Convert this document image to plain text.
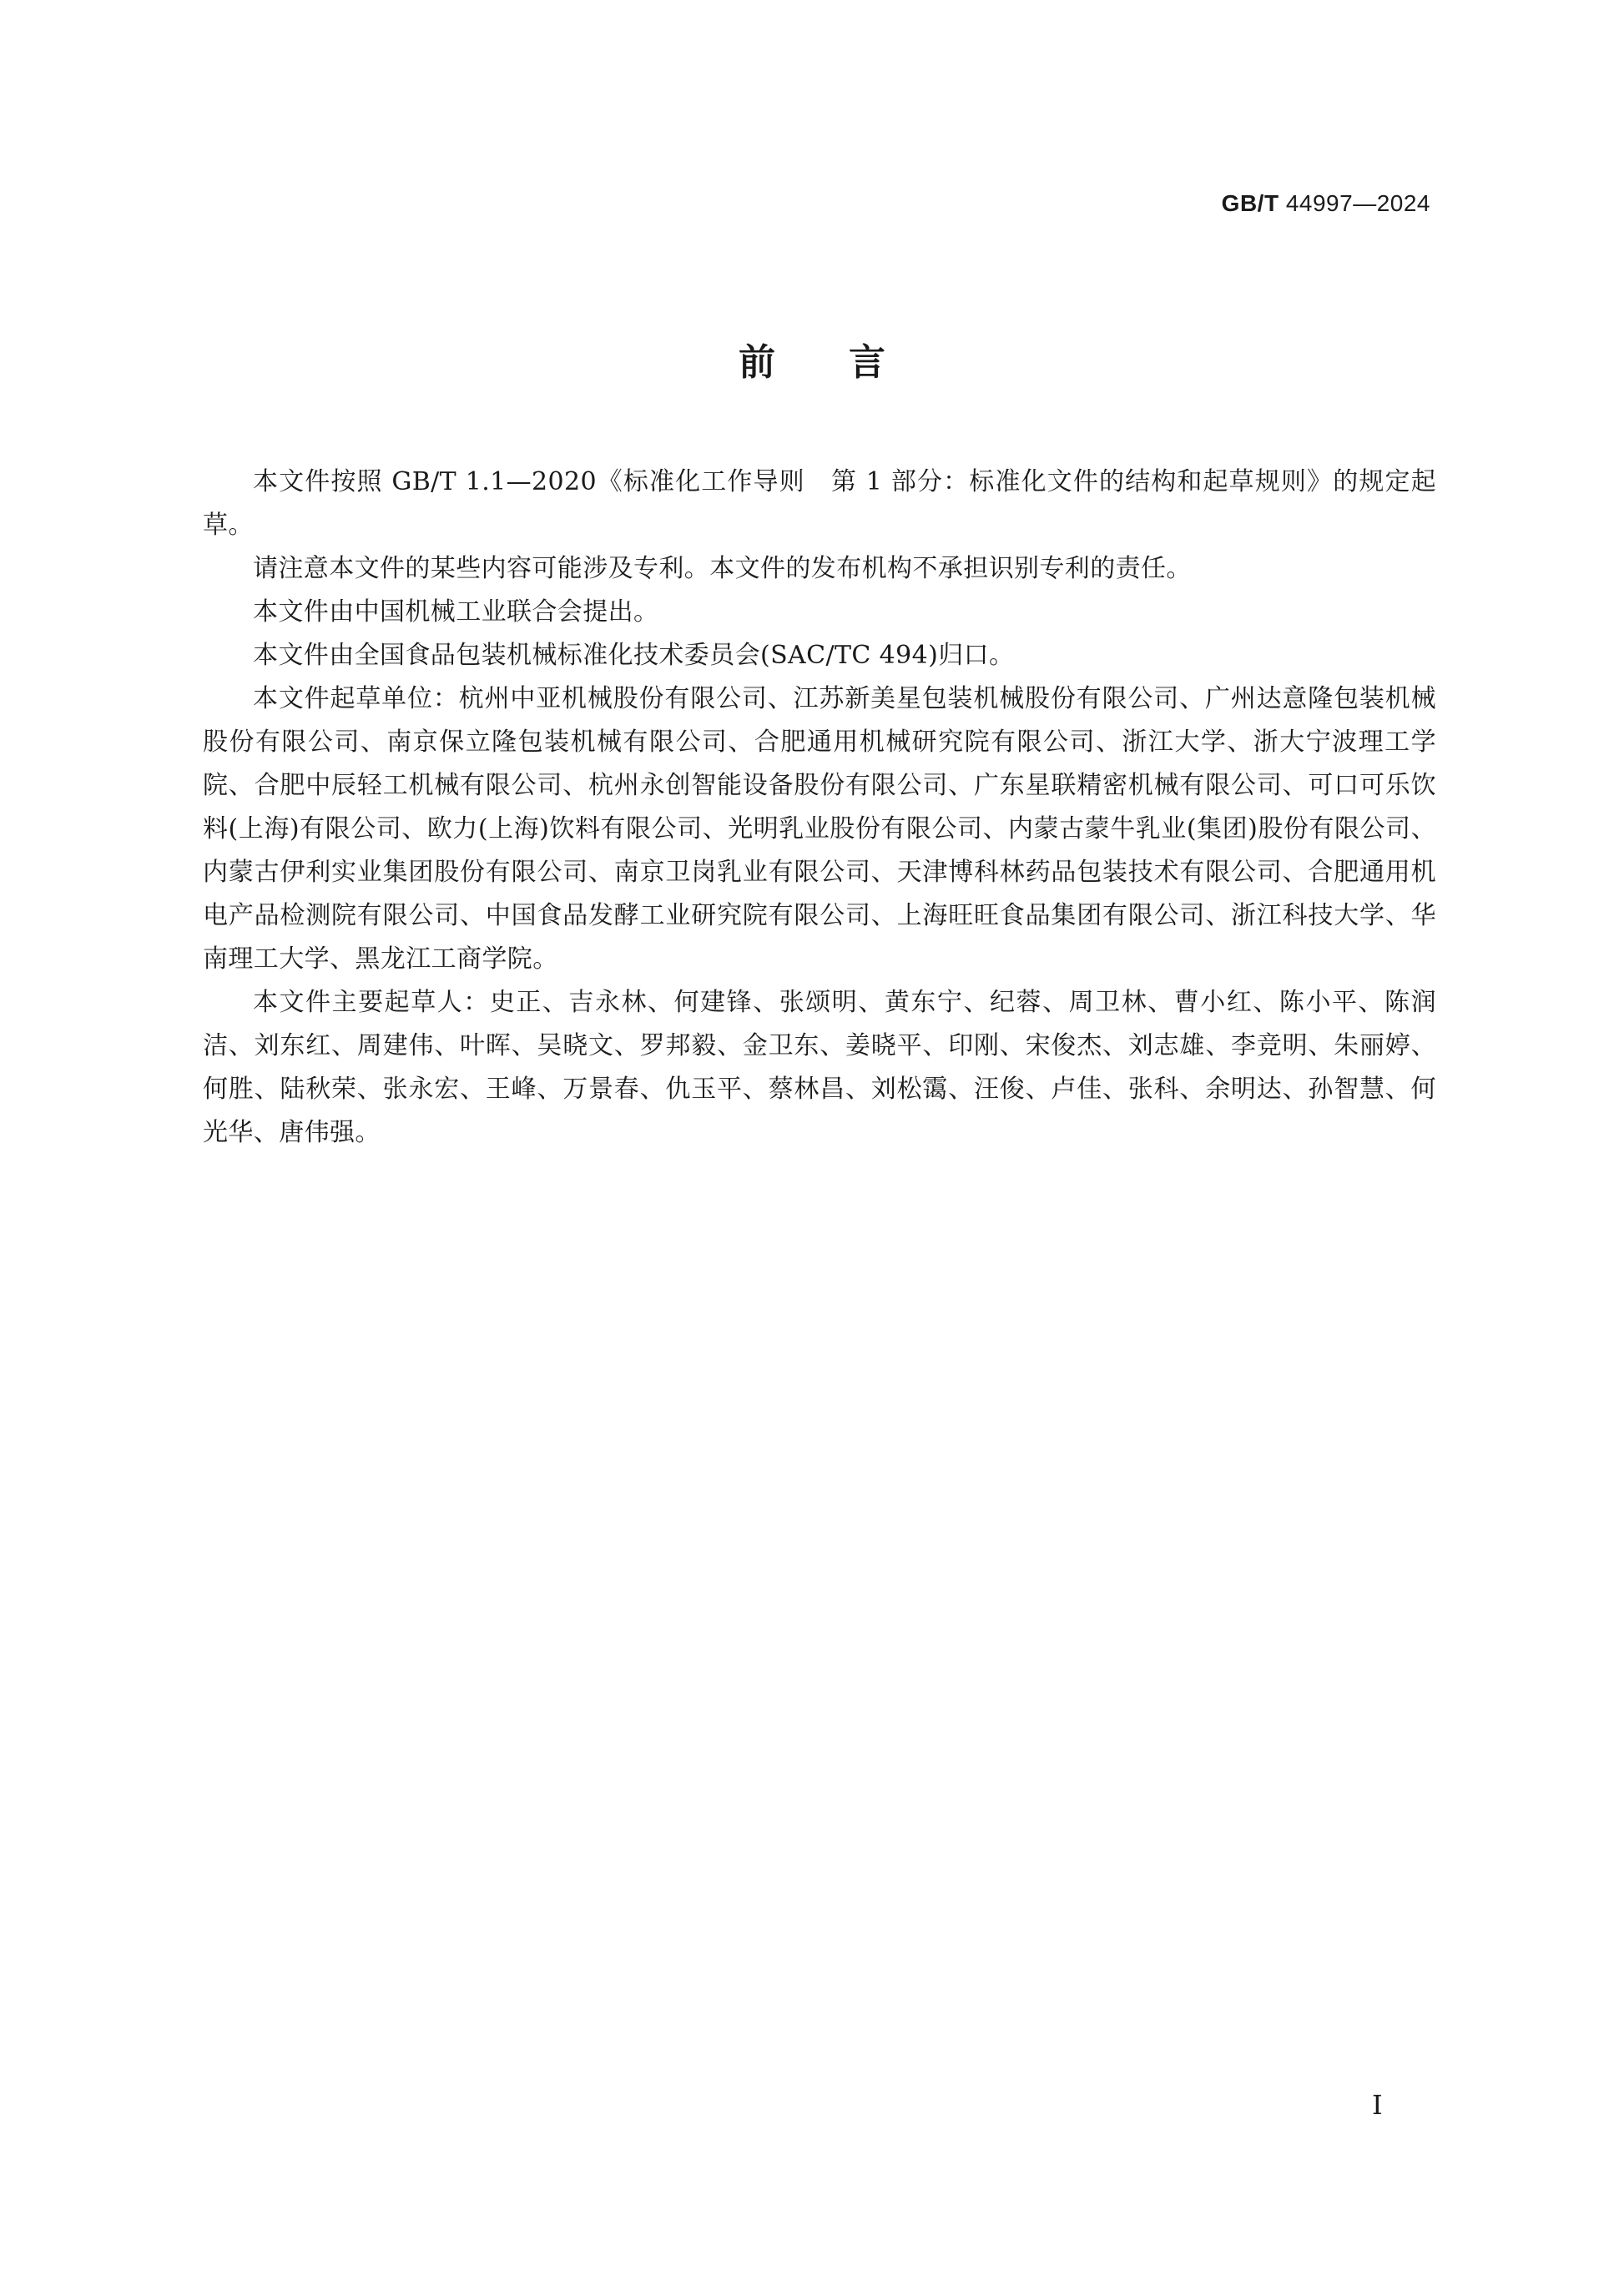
GB/T 44997—2024
前 言

本文件按照 GB/T 1.1—2020《标准化工作导则　第 1 部分：标准化文件的结构和起草规则》的规定起草。

请注意本文件的某些内容可能涉及专利。本文件的发布机构不承担识别专利的责任。

本文件由中国机械工业联合会提出。

本文件由全国食品包装机械标准化技术委员会(SAC/TC 494)归口。

本文件起草单位：杭州中亚机械股份有限公司、江苏新美星包装机械股份有限公司、广州达意隆包装机械股份有限公司、南京保立隆包装机械有限公司、合肥通用机械研究院有限公司、浙江大学、浙大宁波理工学院、合肥中辰轻工机械有限公司、杭州永创智能设备股份有限公司、广东星联精密机械有限公司、可口可乐饮料(上海)有限公司、欧力(上海)饮料有限公司、光明乳业股份有限公司、内蒙古蒙牛乳业(集团)股份有限公司、内蒙古伊利实业集团股份有限公司、南京卫岗乳业有限公司、天津博科林药品包装技术有限公司、合肥通用机电产品检测院有限公司、中国食品发酵工业研究院有限公司、上海旺旺食品集团有限公司、浙江科技大学、华南理工大学、黑龙江工商学院。

本文件主要起草人：史正、吉永林、何建锋、张颂明、黄东宁、纪蓉、周卫林、曹小红、陈小平、陈润洁、刘东红、周建伟、叶晖、吴晓文、罗邦毅、金卫东、姜晓平、印刚、宋俊杰、刘志雄、李竞明、朱丽婷、何胜、陆秋荣、张永宏、王峰、万景春、仇玉平、蔡林昌、刘松霭、汪俊、卢佳、张科、余明达、孙智慧、何光华、唐伟强。

Ⅰ
